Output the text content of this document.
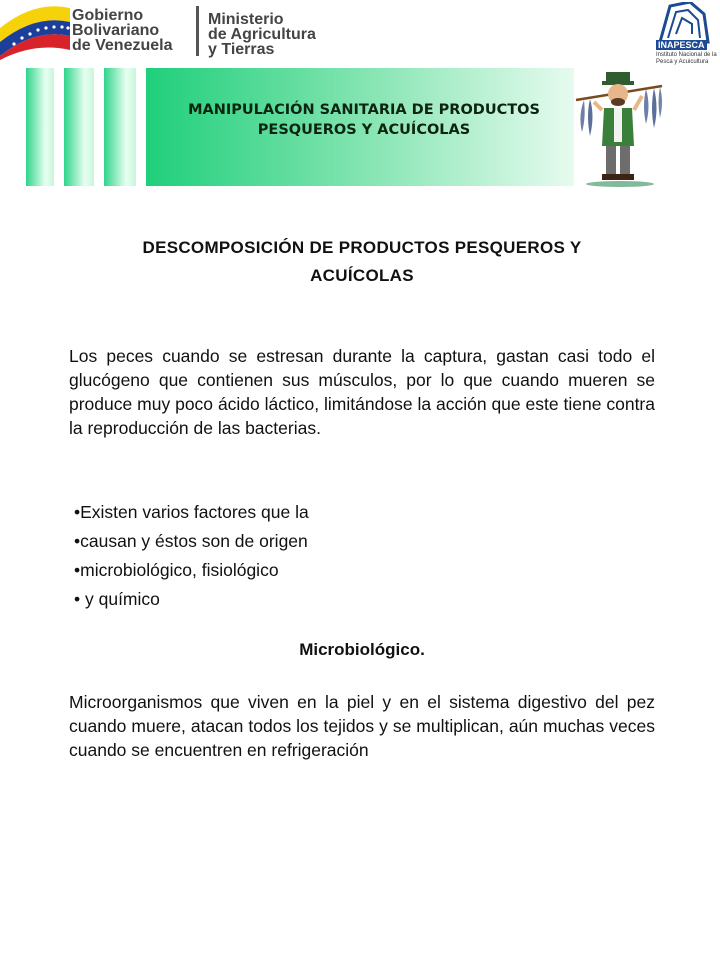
Gobierno
Bolivariano
de Venezuela
Ministerio
de Agricultura
y Tierras	INAPESCA
Instituto Nacional de la Pesca y Acuicultura
MANIPULACIÓN SANITARIA DE PRODUCTOS
PESQUEROS Y ACUÍCOLAS
DESCOMPOSICIÓN DE PRODUCTOS PESQUEROS Y
ACUÍCOLAS

Los peces cuando se estresan durante la captura, gastan casi todo el glucógeno que contienen sus músculos, por lo que cuando mueren se produce muy poco ácido láctico, limitándose la acción que este tiene contra la reproducción de las bacterias.

•Existen varios factores que la
•causan y éstos son de origen
•microbiológico, fisiológico
• y químico
Microbiológico.

Microorganismos que viven en la piel y en el sistema digestivo del pez cuando muere, atacan todos los tejidos y se multiplican, aún muchas veces cuando se encuentren en refrigeración
